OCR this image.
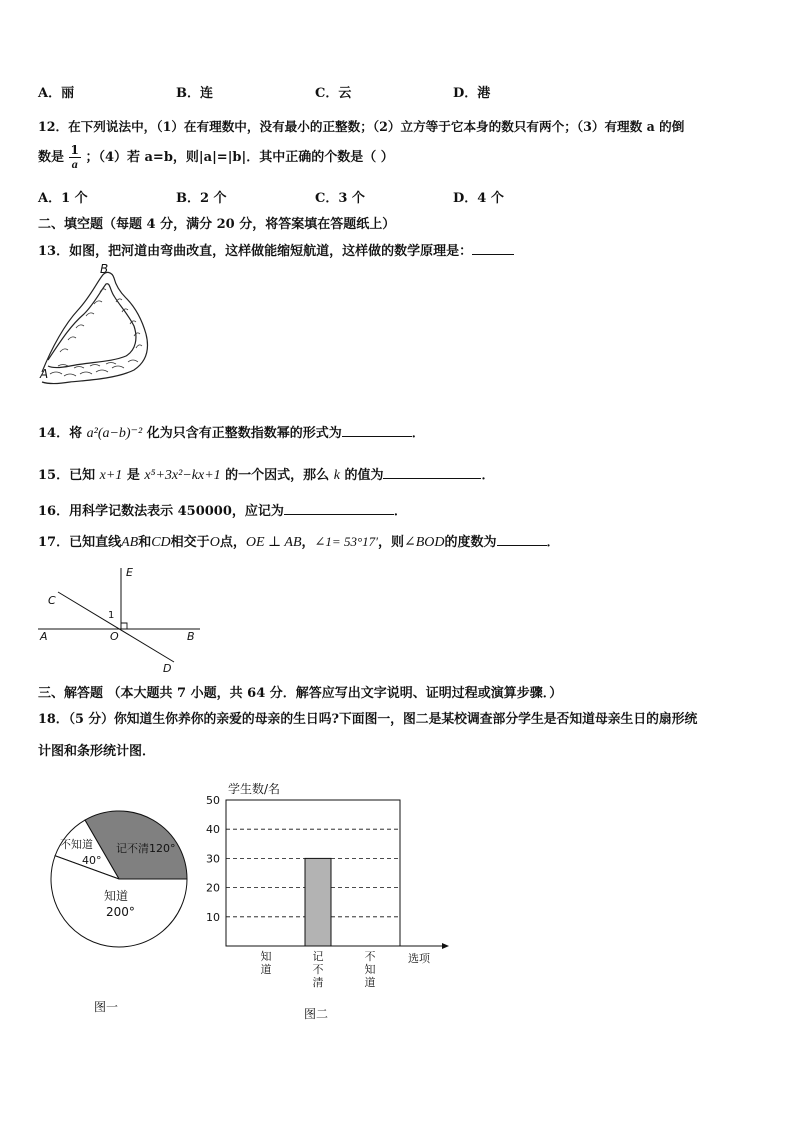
A．丽	B．连	C．云	D．港
12．在下列说法中，（1）在有理数中，没有最小的正整数；（2）立方等于它本身的数只有两个；（3）有理数 a 的倒
数是 $\frac{1}{a}$ ；（4）若 a=b，则|a|=|b|．其中正确的个数是（ ）
A．1 个	B．2 个	C．3 个	D．4 个
二、填空题（每题 4 分，满分 20 分，将答案填在答题纸上）
13．如图，把河道由弯曲改直，这样做能缩短航道，这样做的数学原理是：
B
A
14．将 a²(a−b)⁻² 化为只含有正整数指数幂的形式为	．
15．已知 x+1 是 x⁵+3x²−kx+1 的一个因式，那么 k 的值为	．
16．用科学记数法表示 450000，应记为	．
17．已知直线AB和CD相交于O点，OE ⊥ AB，∠1= 53°17′，则∠BOD的度数为	．
E
C
1
A	O	B
D
三、解答题 （本大题共 7 小题，共 64 分．解答应写出文字说明、证明过程或演算步骤．）
18．（5 分）你知道生你养你的亲爱的母亲的生日吗?下面图一，图二是某校调查部分学生是否知道母亲生日的扇形统
计图和条形统计图．
记不清120°
不知道
40°
知道
200°
图一
学生数/名
10
20
30
40
50
知道
记不清
不知道
选项
图二
